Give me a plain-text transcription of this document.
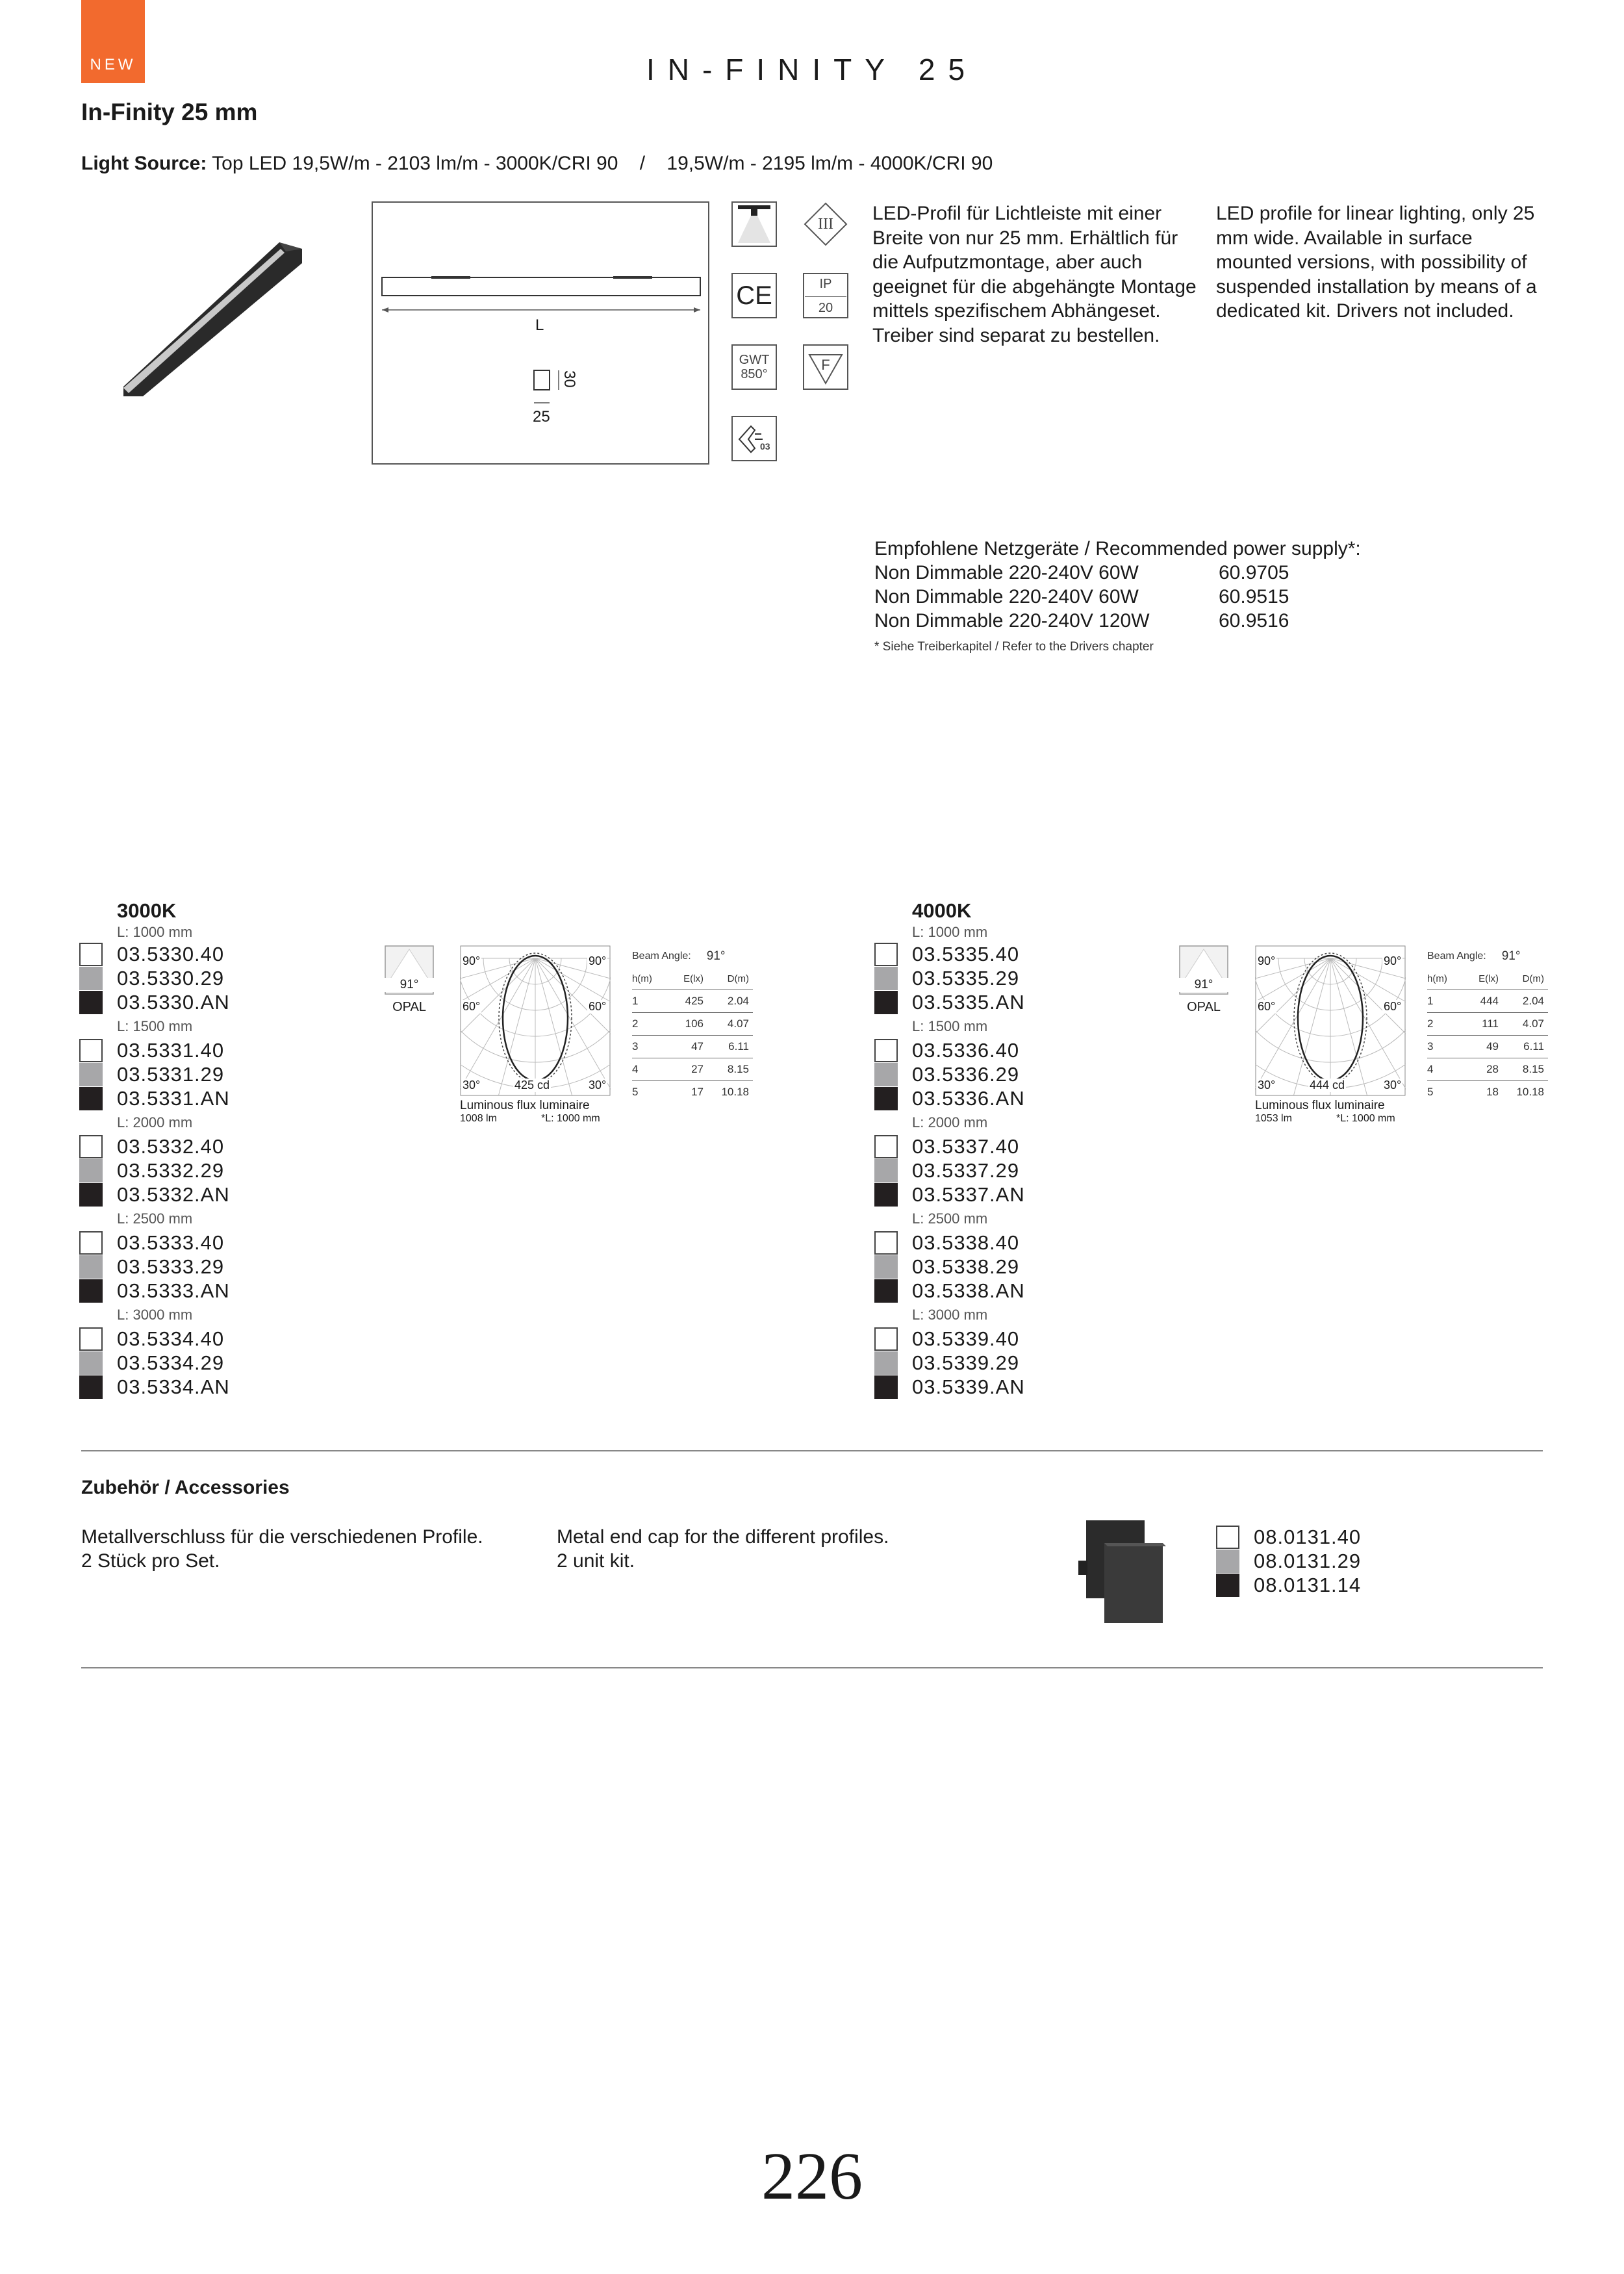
NEW	IN-FINITY 25
In-Finity 25 mm
Light Source: Top LED 19,5W/m - 2103 lm/m - 3000K/CRI 90    /    19,5W/m - 2195 lm/m - 4000K/CRI 90
L
30
25
III
CE	IP
20
GWT
850°
F
03
LED-Profil für Lichtleiste mit einer Breite von nur 25 mm. Erhältlich für die Aufputzmontage, aber auch geeignet für die abgehängte Montage mittels spezifischem Abhängeset. Treiber sind separat zu bestellen.
LED profile for linear lighting, only 25 mm wide. Available in surface mounted versions, with possibility of suspended installation by means of a dedicated kit. Drivers not included.
Empfohlene Netzgeräte / Recommended power supply*:
Non Dimmable 220-240V 60W	60.9705
Non Dimmable 220-240V 60W	60.9515
Non Dimmable 220-240V 120W	60.9516
* Siehe Treiberkapitel / Refer to the Drivers chapter
3000K
L: 1000 mm
03.5330.40
03.5330.29
03.5330.AN
L: 1500 mm
03.5331.40
03.5331.29
03.5331.AN
L: 2000 mm
03.5332.40
03.5332.29
03.5332.AN
L: 2500 mm
03.5333.40
03.5333.29
03.5333.AN
L: 3000 mm
03.5334.40
03.5334.29
03.5334.AN
91°
OPAL
90°	90°
60°	60°
30°	30°
425 cd
Luminous flux luminaire
1008 lm	*L: 1000 mm
Beam Angle: 91°
h(m)	E(lx)	D(m)
1	425	2.04
2	106	4.07
3	47	6.11
4	27	8.15
5	17	10.18
4000K
L: 1000 mm
03.5335.40
03.5335.29
03.5335.AN
L: 1500 mm
03.5336.40
03.5336.29
03.5336.AN
L: 2000 mm
03.5337.40
03.5337.29
03.5337.AN
L: 2500 mm
03.5338.40
03.5338.29
03.5338.AN
L: 3000 mm
03.5339.40
03.5339.29
03.5339.AN
91°
OPAL
90°	90°
60°	60°
30°	30°
444 cd
Luminous flux luminaire
1053 lm	*L: 1000 mm
Beam Angle: 91°
h(m)	E(lx)	D(m)
1	444	2.04
2	111	4.07
3	49	6.11
4	28	8.15
5	18	10.18
Zubehör / Accessories
Metallverschluss für die verschiedenen Profile.
2 Stück pro Set.
Metal end cap for the different profiles.
2 unit kit.
08.0131.40
08.0131.29
08.0131.14
226
